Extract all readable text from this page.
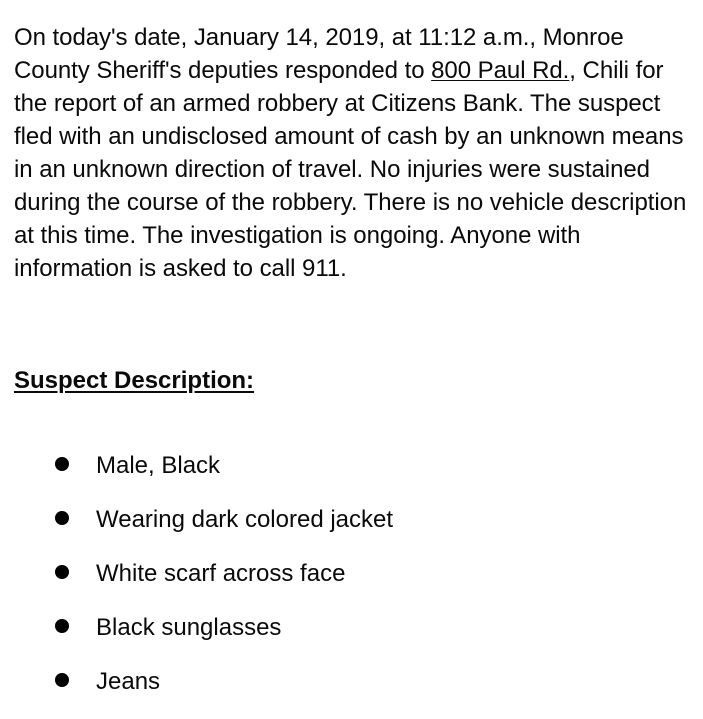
On today's date, January 14, 2019, at 11:12 a.m., Monroe County Sheriff's deputies responded to 800 Paul Rd., Chili for the report of an armed robbery at Citizens Bank. The suspect fled with an undisclosed amount of cash by an unknown means in an unknown direction of travel. No injuries were sustained during the course of the robbery. There is no vehicle description at this time. The investigation is ongoing. Anyone with information is asked to call 911.

Suspect Description:
Male, Black
Wearing dark colored jacket
White scarf across face
Black sunglasses
Jeans
